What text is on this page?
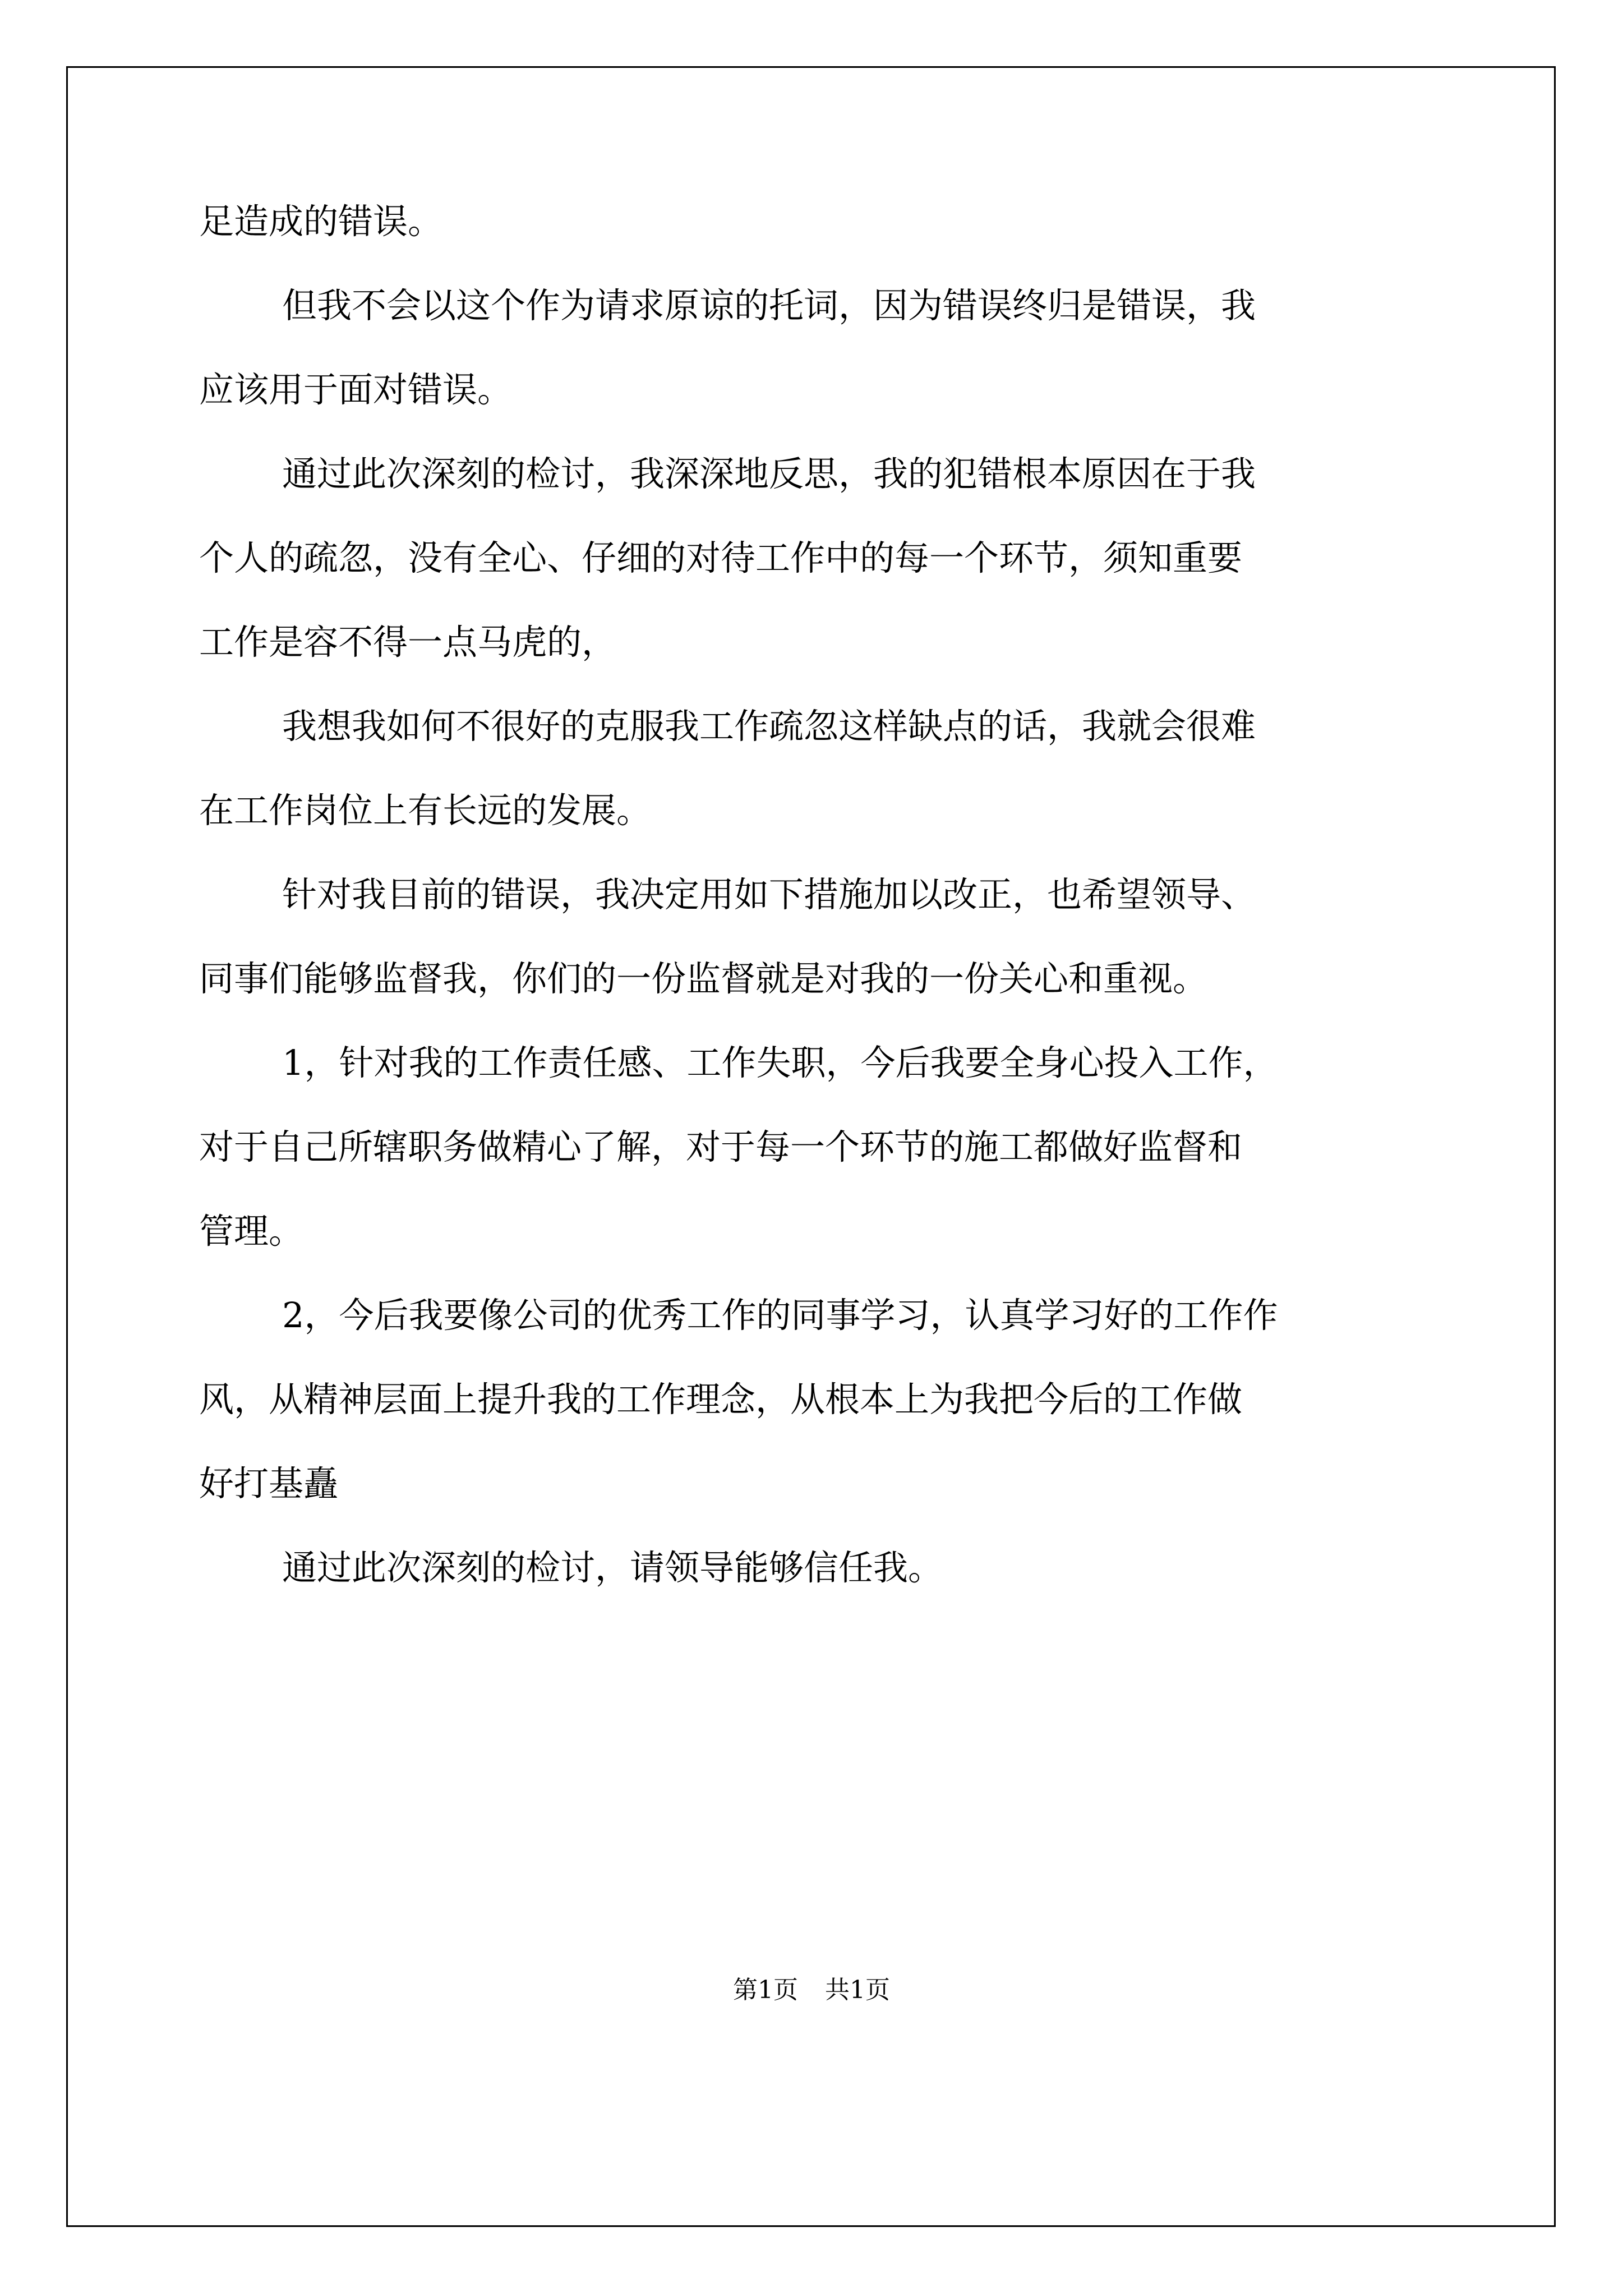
足造成的错误。

但我不会以这个作为请求原谅的托词，因为错误终归是错误，我
应该用于面对错误。

通过此次深刻的检讨，我深深地反思，我的犯错根本原因在于我
个人的疏忽，没有全心、仔细的对待工作中的每一个环节，须知重要
工作是容不得一点马虎的，

我想我如何不很好的克服我工作疏忽这样缺点的话，我就会很难
在工作岗位上有长远的发展。

针对我目前的错误，我决定用如下措施加以改正，也希望领导、
同事们能够监督我，你们的一份监督就是对我的一份关心和重视。

1，针对我的工作责任感、工作失职，今后我要全身心投入工作，
对于自己所辖职务做精心了解，对于每一个环节的施工都做好监督和
管理。

2，今后我要像公司的优秀工作的同事学习，认真学习好的工作作
风，从精神层面上提升我的工作理念，从根本上为我把今后的工作做
好打基矗

通过此次深刻的检讨，请领导能够信任我。

第1页 共1页
